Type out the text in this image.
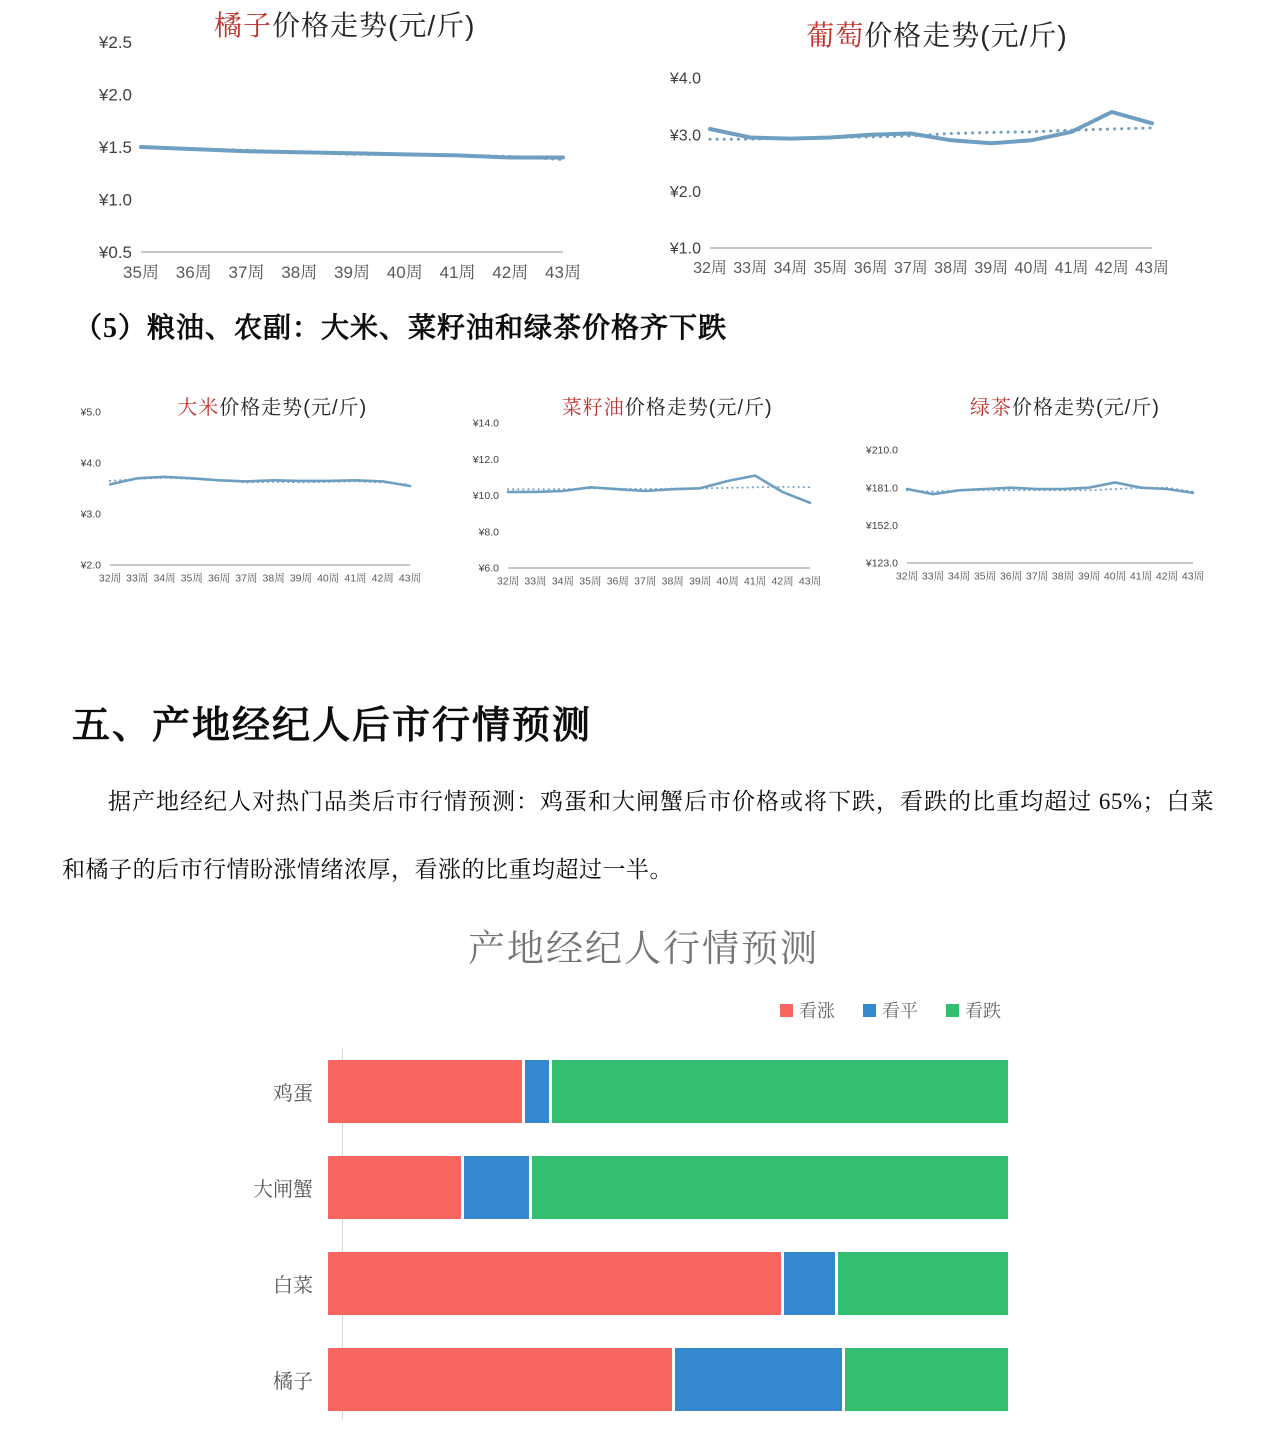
橘子价格走势(元/斤)
¥2.5
¥2.0
¥1.5
¥1.0
¥0.5
35周 36周 37周 38周 39周 40周 41周 42周 43周
葡萄价格走势(元/斤)
¥4.0
¥3.0
¥2.0
¥1.0
32周 33周 34周 35周 36周 37周 38周 39周 40周 41周 42周 43周
（5）粮油、农副：大米、菜籽油和绿茶价格齐下跌
大米价格走势(元/斤)
¥5.0
¥4.0
¥3.0
¥2.0
32周 33周 34周 35周 36周 37周 38周 39周 40周 41周 42周 43周
菜籽油价格走势(元/斤)
¥14.0
¥12.0
¥10.0
¥8.0
¥6.0
32周 33周 34周 35周 36周 37周 38周 39周 40周 41周 42周 43周
绿茶价格走势(元/斤)
¥210.0
¥181.0
¥152.0
¥123.0
32周 33周 34周 35周 36周 37周 38周 39周 40周 41周 42周 43周
五、产地经纪人后市行情预测
据产地经纪人对热门品类后市行情预测：鸡蛋和大闸蟹后市价格或将下跌，看跌的比重均超过 65%；白菜和橘子的后市行情盼涨情绪浓厚，看涨的比重均超过一半。
产地经纪人行情预测
看涨	看平	看跌
鸡蛋
大闸蟹
白菜
橘子
